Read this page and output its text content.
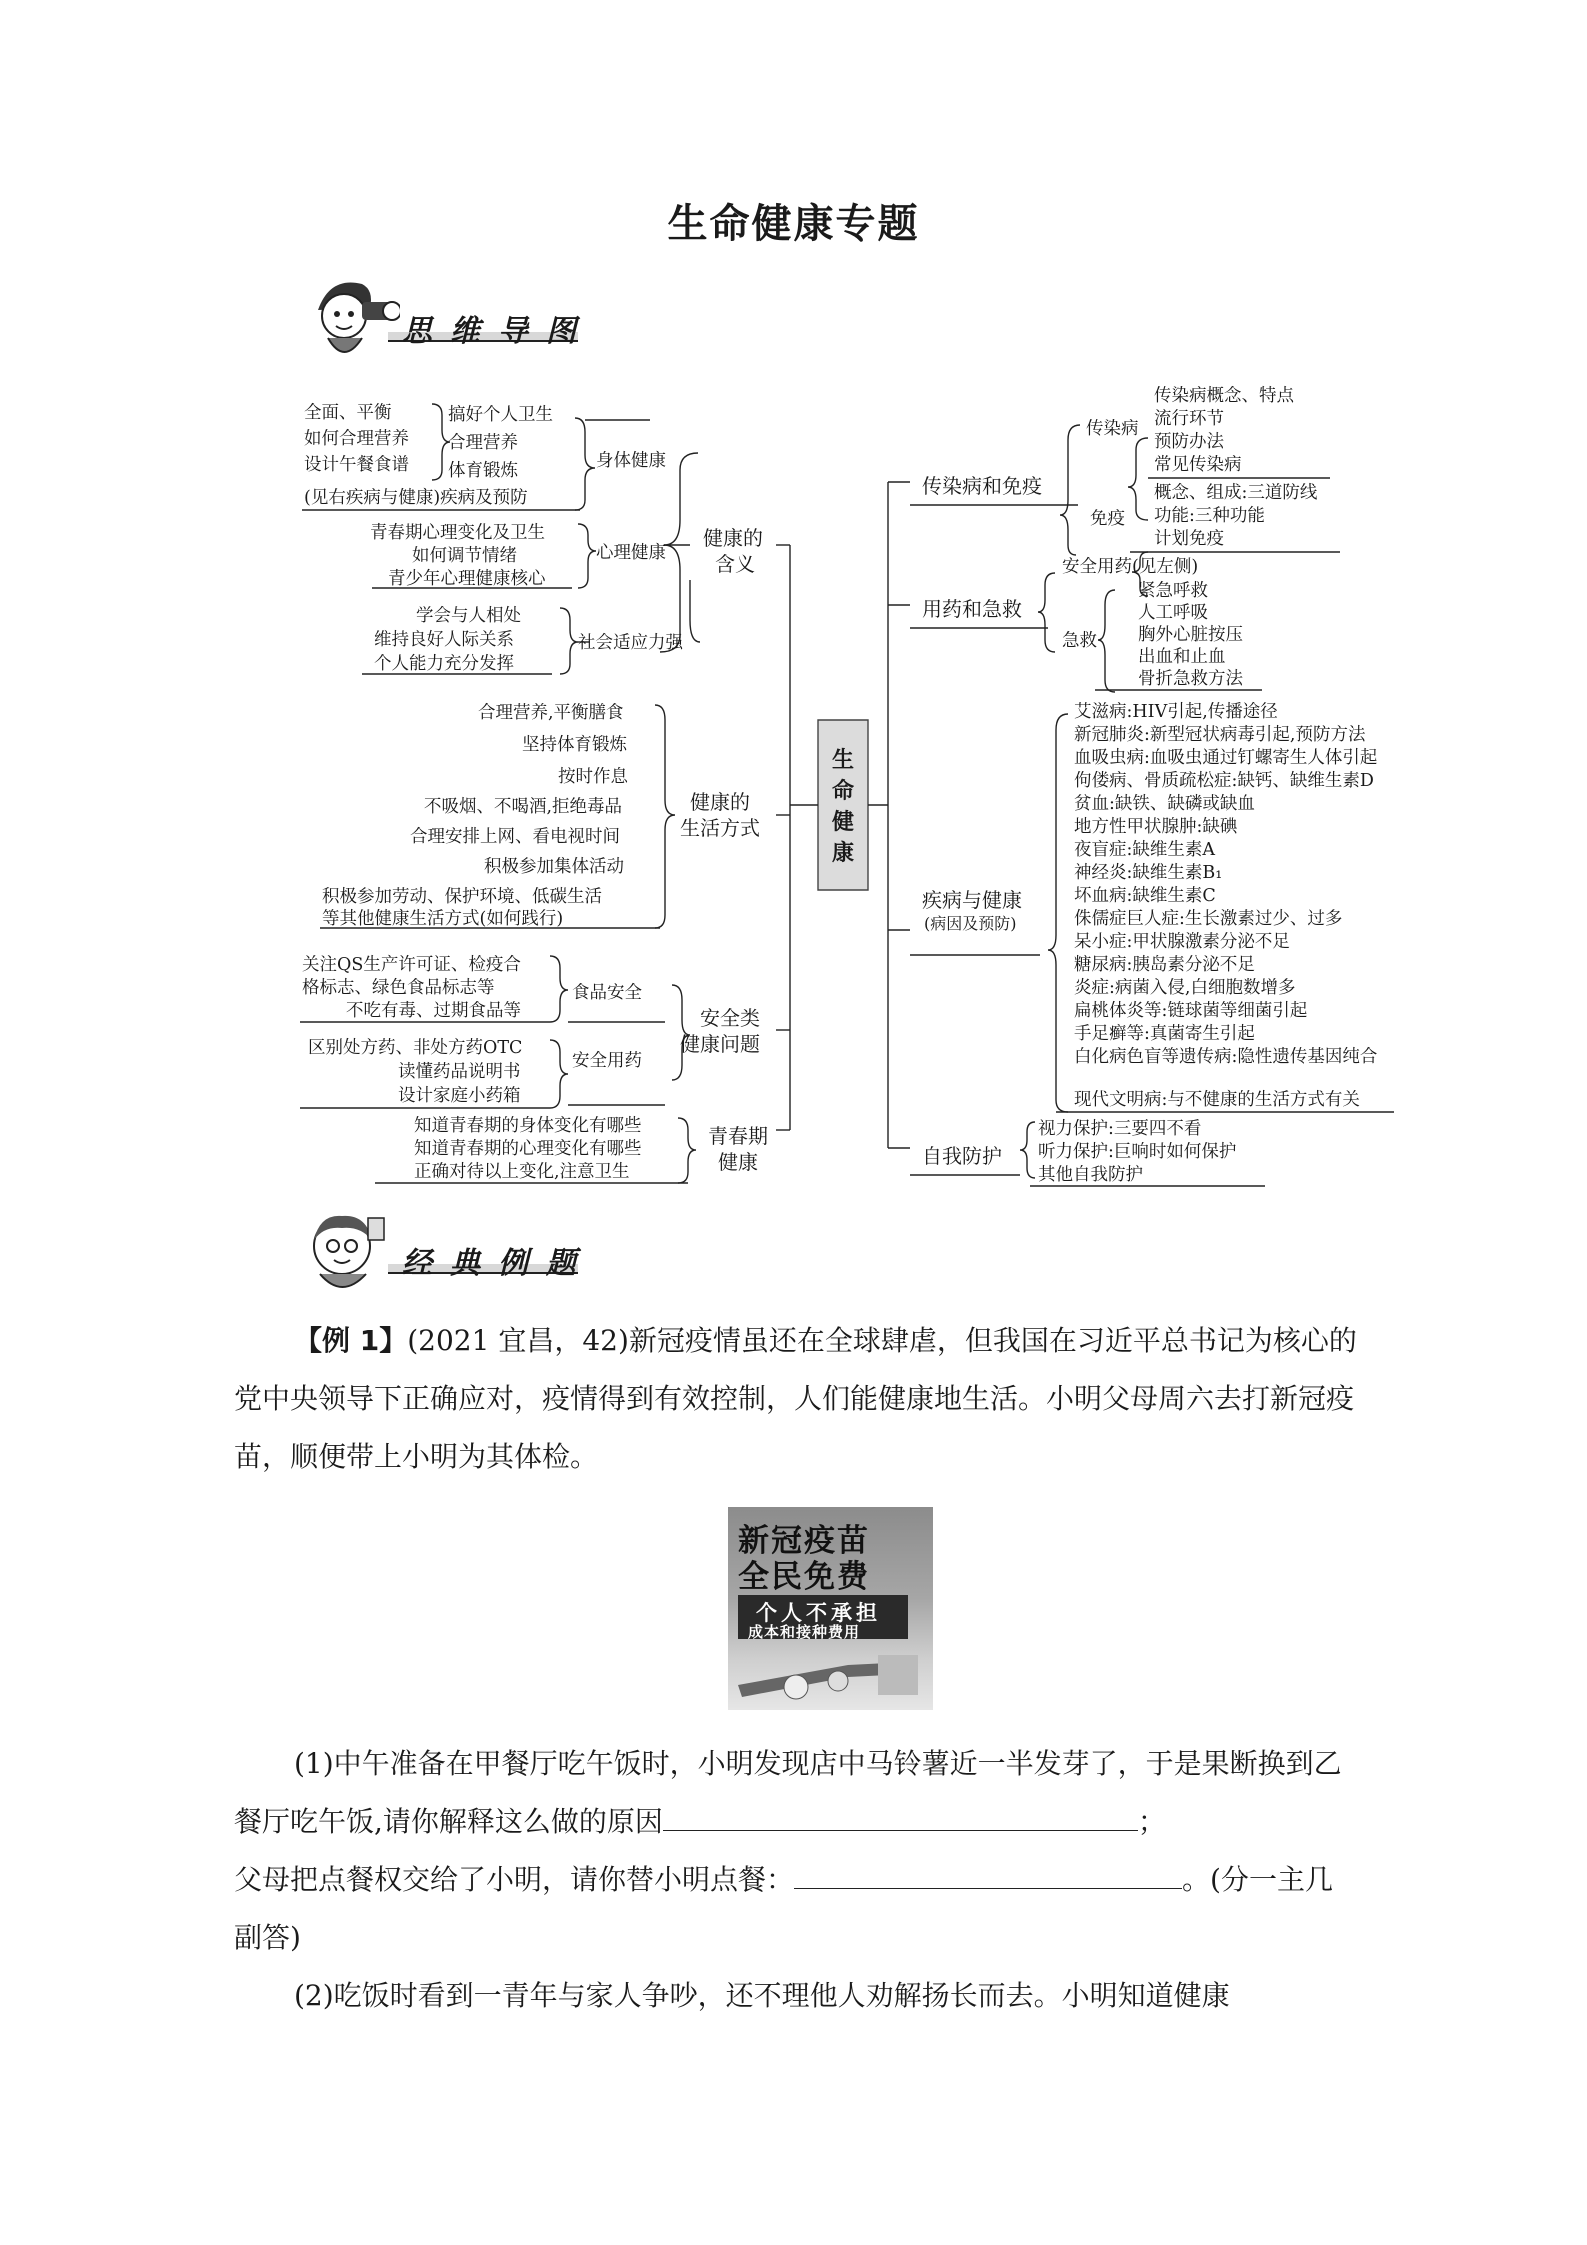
生命健康专题
思维导图
生命健康
全面、平衡
如何合理营养
设计午餐食谱
搞好个人卫生
合理营养
体育锻炼
(见右疾病与健康)疾病及预防
身体健康
青春期心理变化及卫生
如何调节情绪
青少年心理健康核心
心理健康
学会与人相处
维持良好人际关系
个人能力充分发挥
社会适应力强
健康的
含义
合理营养,平衡膳食
坚持体育锻炼
按时作息
不吸烟、不喝酒,拒绝毒品
合理安排上网、看电视时间
积极参加集体活动
积极参加劳动、保护环境、低碳生活
等其他健康生活方式(如何践行)
健康的
生活方式
关注QS生产许可证、检疫合
格标志、绿色食品标志等
不吃有毒、过期食品等
食品安全
区别处方药、非处方药OTC
读懂药品说明书
设计家庭小药箱
安全用药
安全类
健康问题
知道青春期的身体变化有哪些
知道青春期的心理变化有哪些
正确对待以上变化,注意卫生
青春期
健康
传染病和免疫
传染病
传染病概念、特点
流行环节
预防办法
常见传染病
免疫
概念、组成:三道防线
功能:三种功能
计划免疫
用药和急救
安全用药(见左侧)
急救
紧急呼救
人工呼吸
胸外心脏按压
出血和止血
骨折急救方法
疾病与健康
(病因及预防)
艾滋病:HIV引起,传播途径
新冠肺炎:新型冠状病毒引起,预防方法
血吸虫病:血吸虫通过钉螺寄生人体引起
佝偻病、骨质疏松症:缺钙、缺维生素D
贫血:缺铁、缺磷或缺血
地方性甲状腺肿:缺碘
夜盲症:缺维生素A
神经炎:缺维生素B₁
坏血病:缺维生素C
侏儒症巨人症:生长激素过少、过多
呆小症:甲状腺激素分泌不足
糖尿病:胰岛素分泌不足
炎症:病菌入侵,白细胞数增多
扁桃体炎等:链球菌等细菌引起
手足癣等:真菌寄生引起
白化病色盲等遗传病:隐性遗传基因纯合
现代文明病:与不健康的生活方式有关
自我防护
视力保护:三要四不看
听力保护:巨响时如何保护
其他自我防护
经典例题
【例 1】(2021 宜昌，42)新冠疫情虽还在全球肆虐，但我国在习近平总书记为核心的党中央领导下正确应对，疫情得到有效控制，人们能健康地生活。小明父母周六去打新冠疫苗，顺便带上小明为其体检。
新冠疫苗
全民免费
个人不承担
成本和接种费用
(1)中午准备在甲餐厅吃午饭时，小明发现店中马铃薯近一半发芽了，于是果断换到乙餐厅吃午饭,请你解释这么做的原因	；
父母把点餐权交给了小明，请你替小明点餐：	。(分一主几副答)
(2)吃饭时看到一青年与家人争吵，还不理他人劝解扬长而去。小明知道健康
